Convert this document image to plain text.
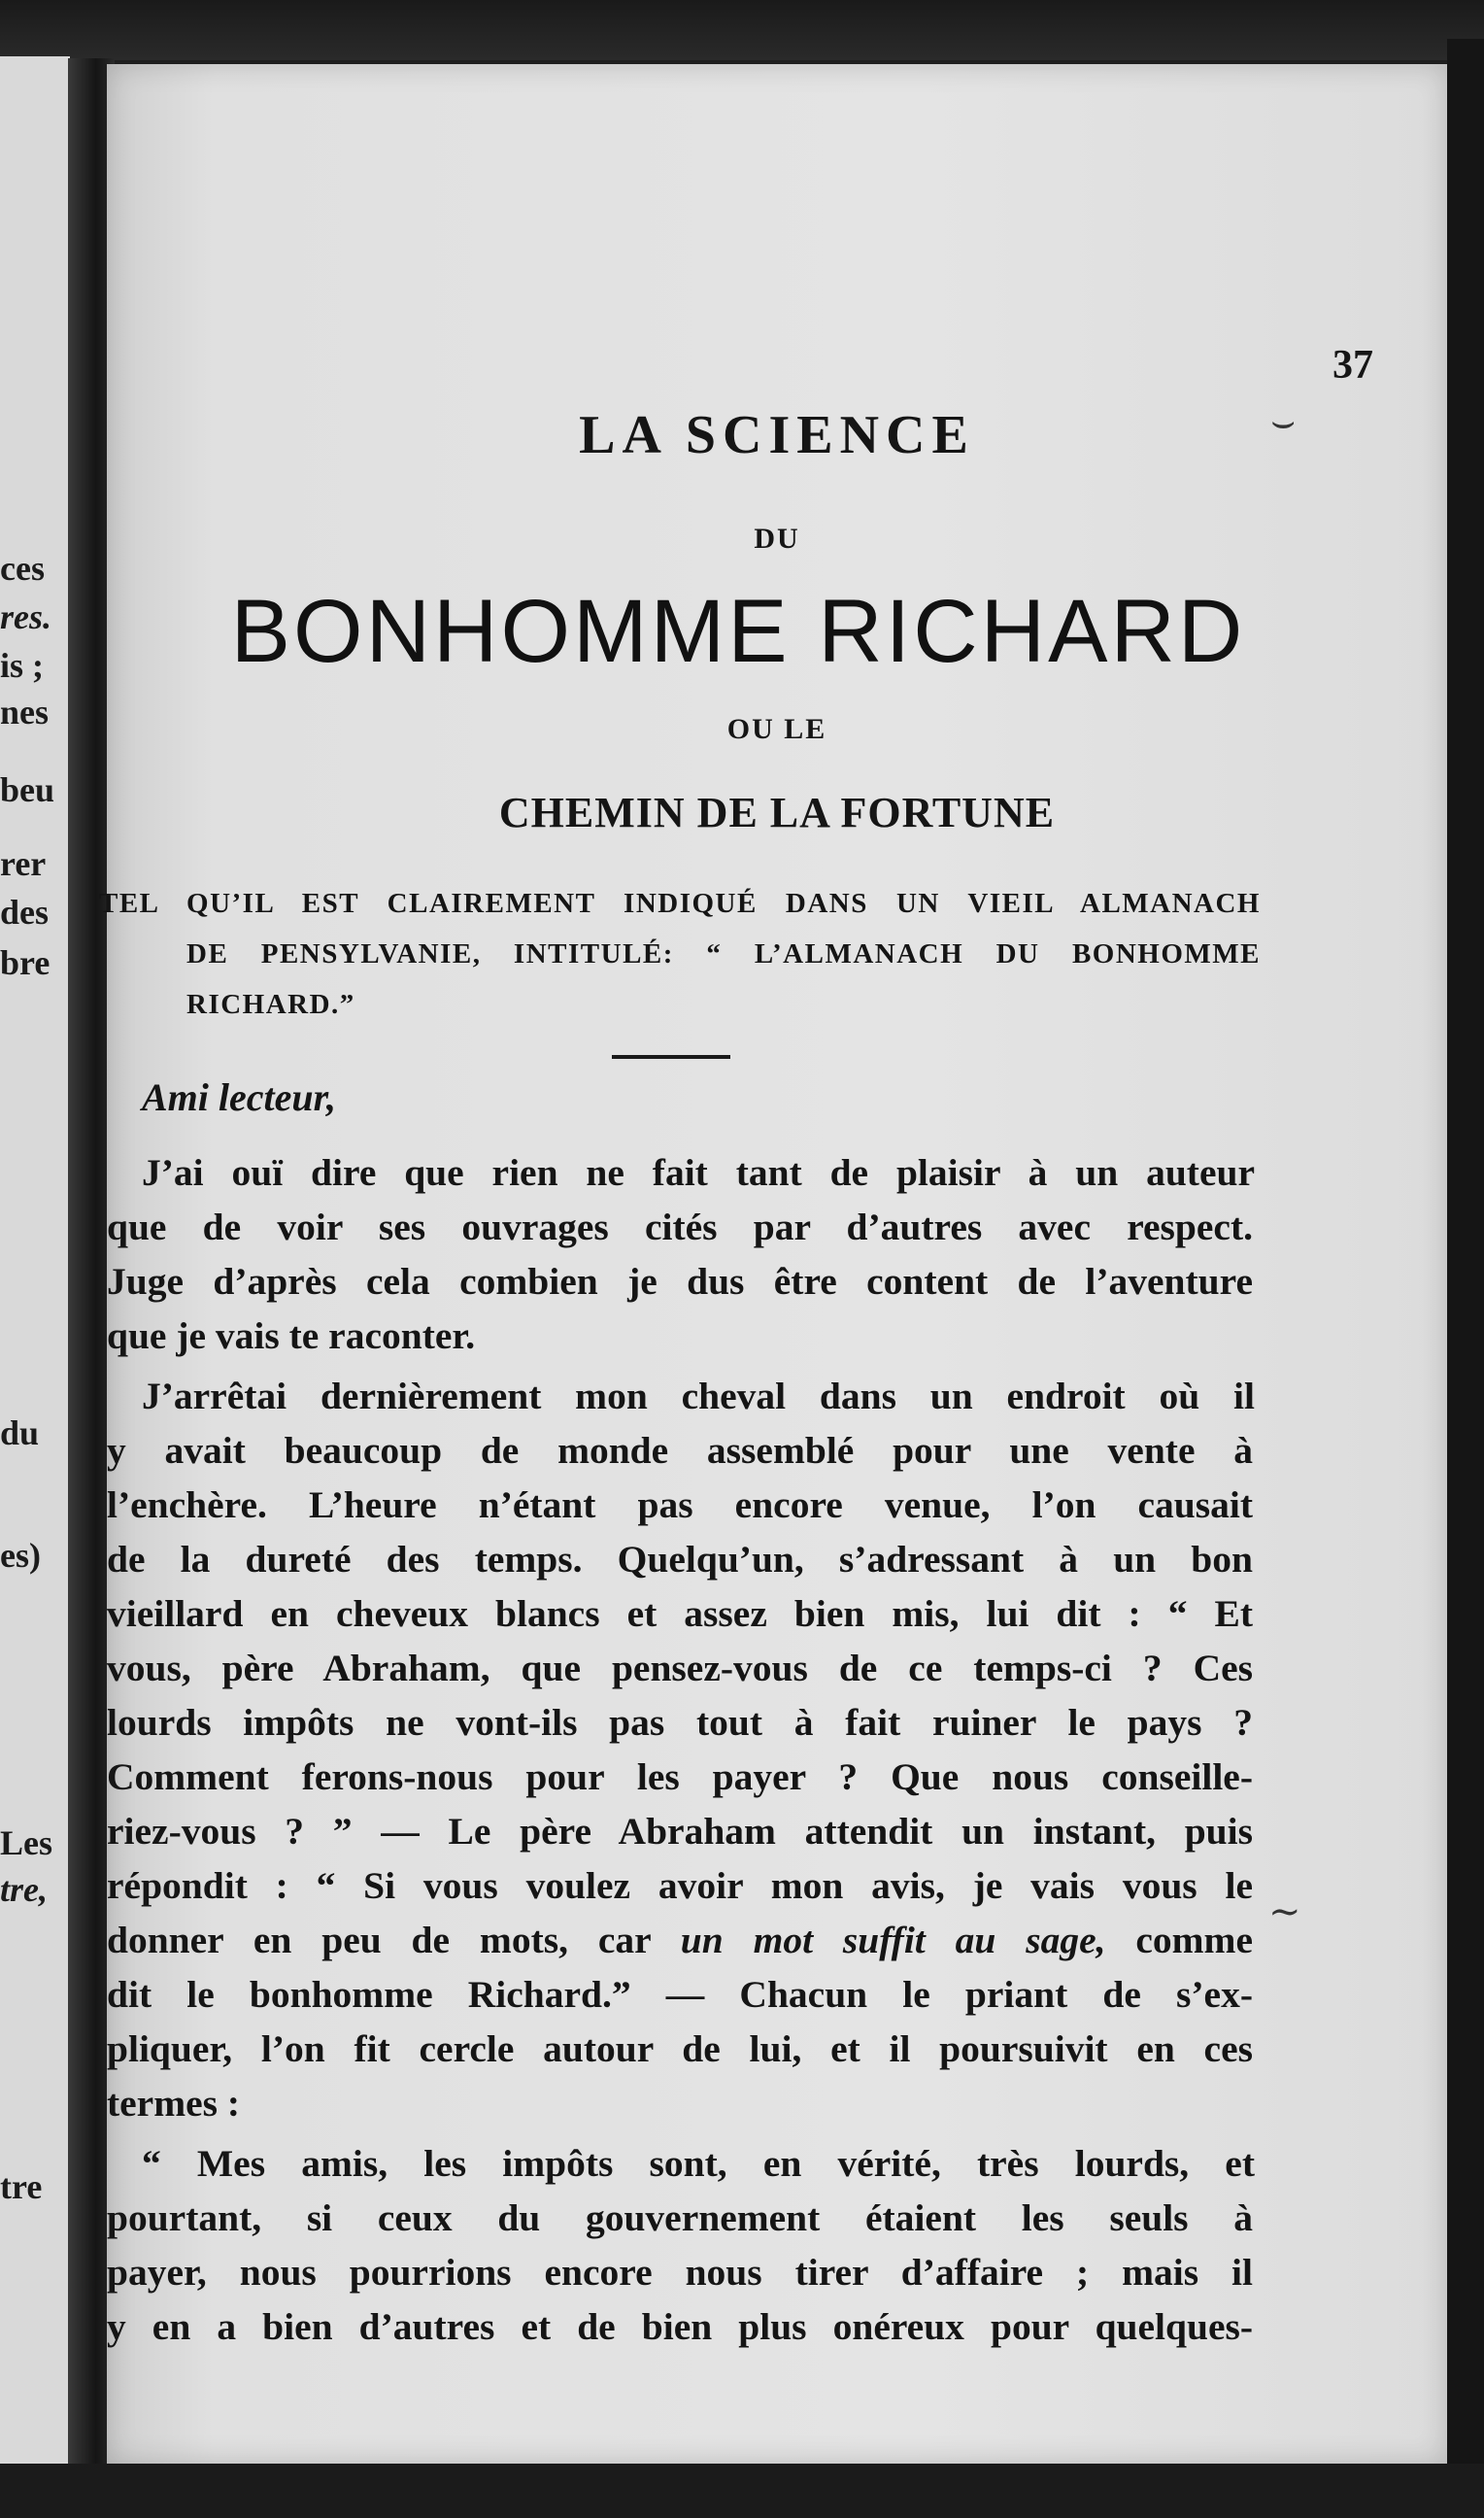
ces
res.
is ;
nes
beu
rer
des
bre
du
es)
Les
tre,
tre
37
LA SCIENCE
DU
BONHOMME RICHARD
OU LE
CHEMIN DE LA FORTUNE
TEL QU’IL EST CLAIREMENT INDIQUÉ DANS UN VIEIL ALMANACH
DE PENSYLVANIE, INTITULÉ: “ L’ALMANACH DU BONHOMME
RICHARD.”
Ami lecteur,
J’ai ouï dire que rien ne fait tant de plaisir à un auteur
que de voir ses ouvrages cités par d’autres avec respect.
Juge d’après cela combien je dus être content de l’aventure
que je vais te raconter.
J’arrêtai dernièrement mon cheval dans un endroit où il
y avait beaucoup de monde assemblé pour une vente à
l’enchère. L’heure n’étant pas encore venue, l’on causait
de la dureté des temps. Quelqu’un, s’adressant à un bon
vieillard en cheveux blancs et assez bien mis, lui dit : “ Et
vous, père Abraham, que pensez-vous de ce temps-ci ? Ces
lourds impôts ne vont-ils pas tout à fait ruiner le pays ?
Comment ferons-nous pour les payer ? Que nous conseille-
riez-vous ? ” — Le père Abraham attendit un instant, puis
répondit : “ Si vous voulez avoir mon avis, je vais vous le
donner en peu de mots, car un mot suffit au sage, comme
dit le bonhomme Richard.” — Chacun le priant de s’ex-
pliquer, l’on fit cercle autour de lui, et il poursuivit en ces
termes :
“ Mes amis, les impôts sont, en vérité, très lourds, et
pourtant, si ceux du gouvernement étaient les seuls à
payer, nous pourrions encore nous tirer d’affaire ; mais il
y en a bien d’autres et de bien plus onéreux pour quelques-
⌣
∼
